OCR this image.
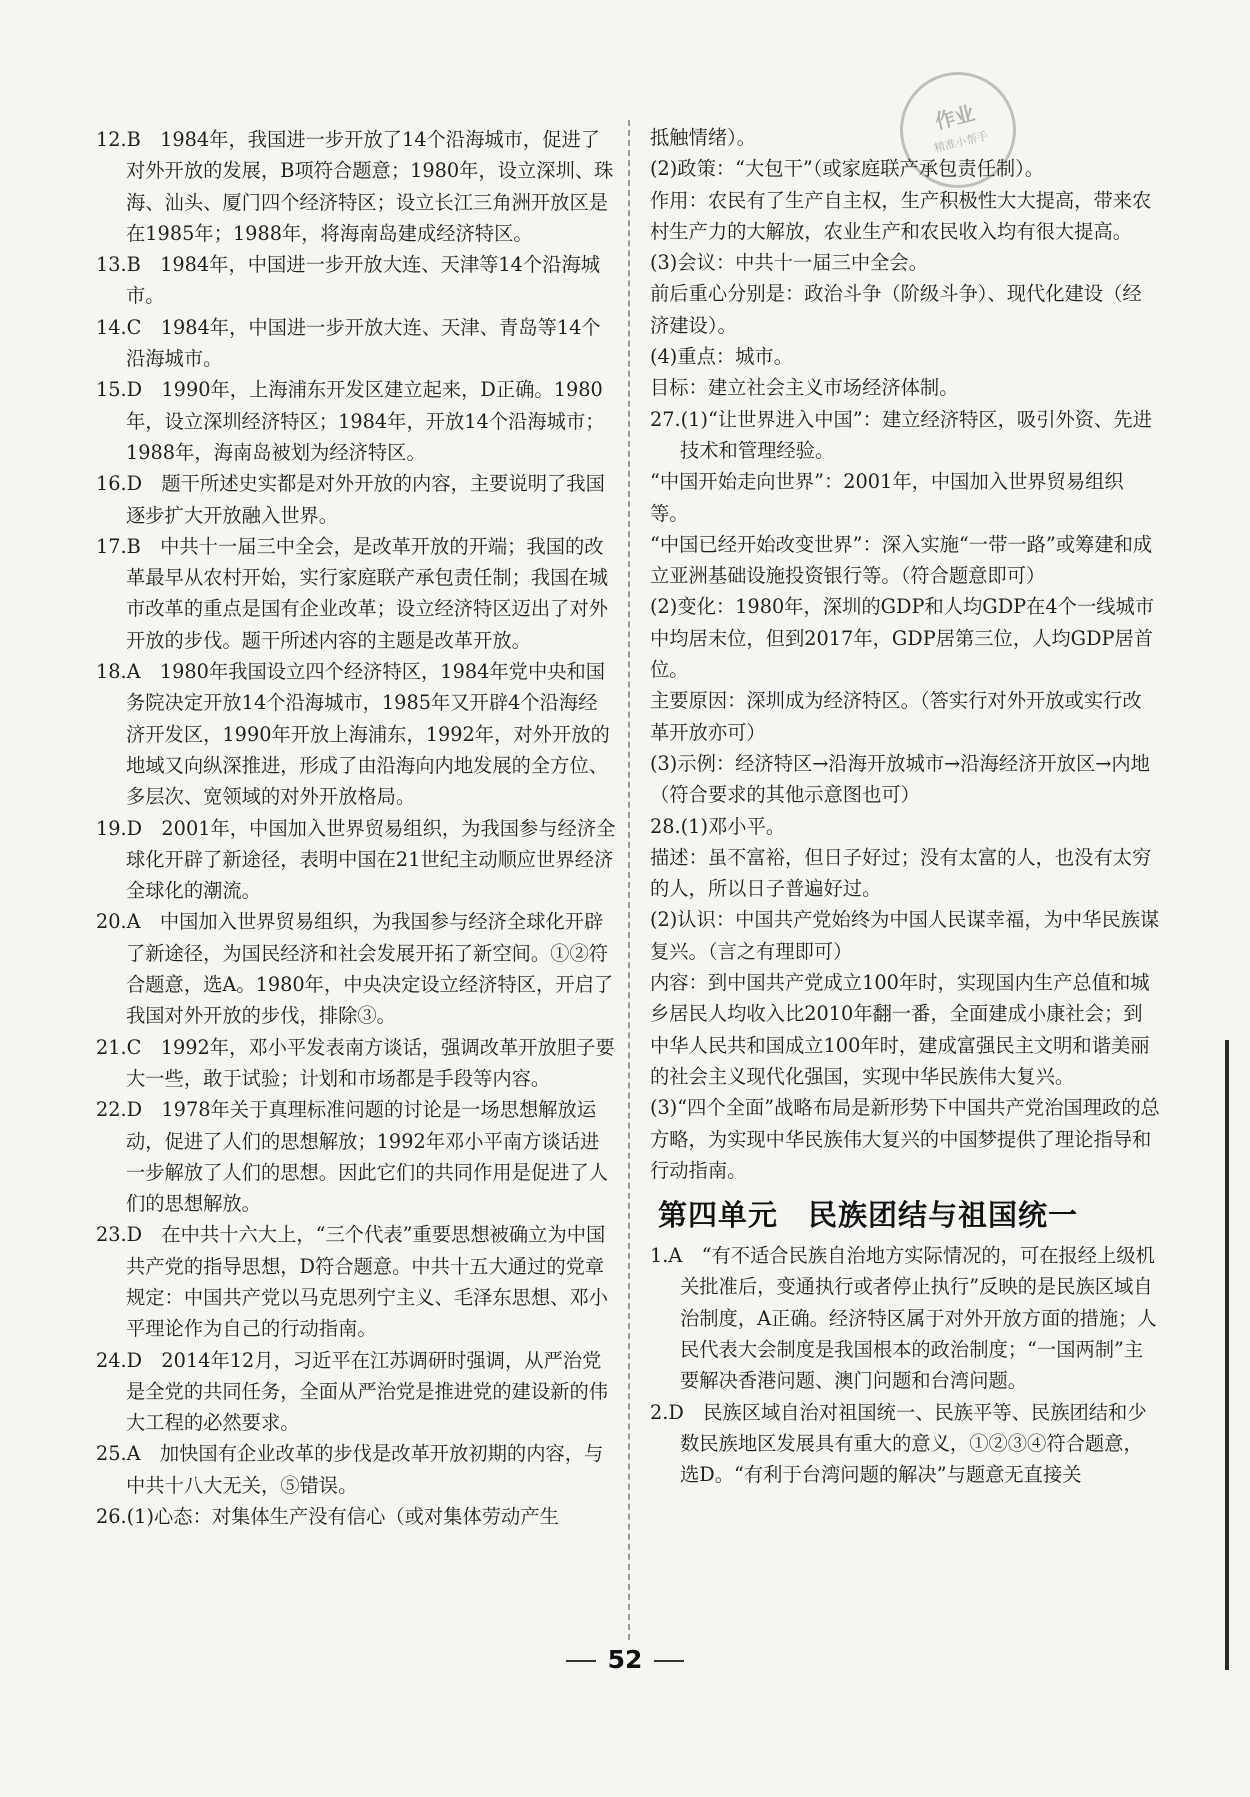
作业
精准小帮手

12.B　1984年，我国进一步开放了14个沿海城市，促进了对外开放的发展，B项符合题意；1980年，设立深圳、珠海、汕头、厦门四个经济特区；设立长江三角洲开放区是在1985年；1988年，将海南岛建成经济特区。

13.B　1984年，中国进一步开放大连、天津等14个沿海城市。

14.C　1984年，中国进一步开放大连、天津、青岛等14个沿海城市。

15.D　1990年，上海浦东开发区建立起来，D正确。1980年，设立深圳经济特区；1984年，开放14个沿海城市；1988年，海南岛被划为经济特区。

16.D　题干所述史实都是对外开放的内容，主要说明了我国逐步扩大开放融入世界。

17.B　中共十一届三中全会，是改革开放的开端；我国的改革最早从农村开始，实行家庭联产承包责任制；我国在城市改革的重点是国有企业改革；设立经济特区迈出了对外开放的步伐。题干所述内容的主题是改革开放。

18.A　1980年我国设立四个经济特区，1984年党中央和国务院决定开放14个沿海城市，1985年又开辟4个沿海经济开发区，1990年开放上海浦东，1992年，对外开放的地域又向纵深推进，形成了由沿海向内地发展的全方位、多层次、宽领域的对外开放格局。

19.D　2001年，中国加入世界贸易组织，为我国参与经济全球化开辟了新途径，表明中国在21世纪主动顺应世界经济全球化的潮流。

20.A　中国加入世界贸易组织，为我国参与经济全球化开辟了新途径，为国民经济和社会发展开拓了新空间。①②符合题意，选A。1980年，中央决定设立经济特区，开启了我国对外开放的步伐，排除③。

21.C　1992年，邓小平发表南方谈话，强调改革开放胆子要大一些，敢于试验；计划和市场都是手段等内容。

22.D　1978年关于真理标准问题的讨论是一场思想解放运动，促进了人们的思想解放；1992年邓小平南方谈话进一步解放了人们的思想。因此它们的共同作用是促进了人们的思想解放。

23.D　在中共十六大上，“三个代表”重要思想被确立为中国共产党的指导思想，D符合题意。中共十五大通过的党章规定：中国共产党以马克思列宁主义、毛泽东思想、邓小平理论作为自己的行动指南。

24.D　2014年12月，习近平在江苏调研时强调，从严治党是全党的共同任务，全面从严治党是推进党的建设新的伟大工程的必然要求。

25.A　加快国有企业改革的步伐是改革开放初期的内容，与中共十八大无关，⑤错误。

26.(1)心态：对集体生产没有信心（或对集体劳动产生

抵触情绪）。

(2)政策：“大包干”（或家庭联产承包责任制）。

作用：农民有了生产自主权，生产积极性大大提高，带来农村生产力的大解放，农业生产和农民收入均有很大提高。

(3)会议：中共十一届三中全会。

前后重心分别是：政治斗争（阶级斗争）、现代化建设（经济建设）。

(4)重点：城市。

目标：建立社会主义市场经济体制。

27.(1)“让世界进入中国”：建立经济特区，吸引外资、先进技术和管理经验。

“中国开始走向世界”：2001年，中国加入世界贸易组织等。

“中国已经开始改变世界”：深入实施“一带一路”或筹建和成立亚洲基础设施投资银行等。（符合题意即可）

(2)变化：1980年，深圳的GDP和人均GDP在4个一线城市中均居末位，但到2017年，GDP居第三位，人均GDP居首位。

主要原因：深圳成为经济特区。（答实行对外开放或实行改革开放亦可）

(3)示例：经济特区→沿海开放城市→沿海经济开放区→内地（符合要求的其他示意图也可）

28.(1)邓小平。

描述：虽不富裕，但日子好过；没有太富的人，也没有太穷的人，所以日子普遍好过。

(2)认识：中国共产党始终为中国人民谋幸福，为中华民族谋复兴。（言之有理即可）

内容：到中国共产党成立100年时，实现国内生产总值和城乡居民人均收入比2010年翻一番，全面建成小康社会；到中华人民共和国成立100年时，建成富强民主文明和谐美丽的社会主义现代化强国，实现中华民族伟大复兴。

(3)“四个全面”战略布局是新形势下中国共产党治国理政的总方略，为实现中华民族伟大复兴的中国梦提供了理论指导和行动指南。

第四单元　民族团结与祖国统一

1.A　“有不适合民族自治地方实际情况的，可在报经上级机关批准后，变通执行或者停止执行”反映的是民族区域自治制度，A正确。经济特区属于对外开放方面的措施；人民代表大会制度是我国根本的政治制度；“一国两制”主要解决香港问题、澳门问题和台湾问题。

2.D　民族区域自治对祖国统一、民族平等、民族团结和少数民族地区发展具有重大的意义，①②③④符合题意，选D。“有利于台湾问题的解决”与题意无直接关

52
